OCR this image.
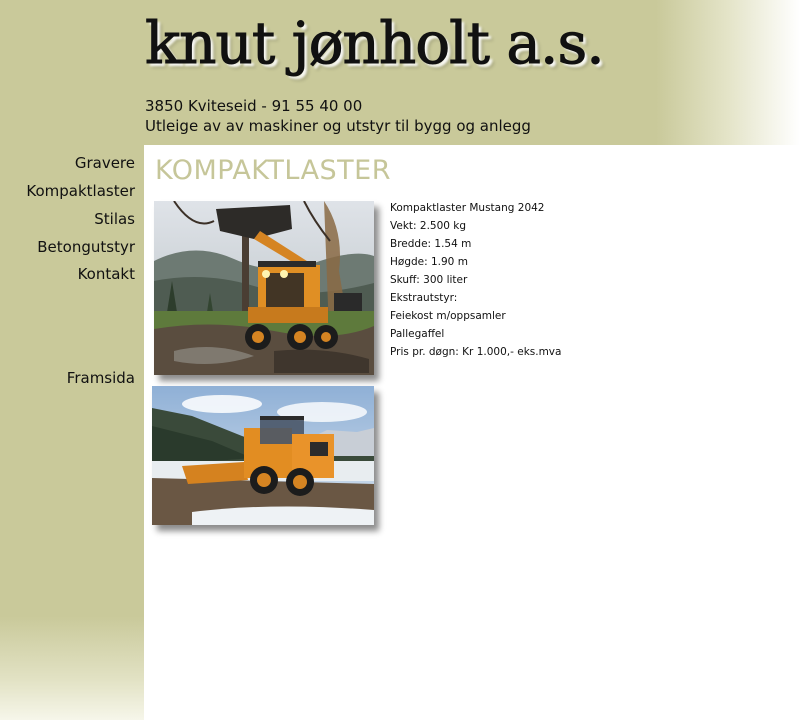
knut jønholt a.s.
3850 Kviteseid - 91 55 40 00
Utleige av av maskiner og utstyr til bygg og anlegg
Gravere
Kompaktlaster
Stilas
Betongutstyr
Kontakt
Framsida
KOMPAKTLASTER
Kompaktlaster Mustang 2042
Vekt: 2.500 kg
Bredde: 1.54 m
Høgde: 1.90 m
Skuff: 300 liter
Ekstrautstyr:
Feiekost m/oppsamler
Pallegaffel
Pris pr. døgn: Kr 1.000,- eks.mva
